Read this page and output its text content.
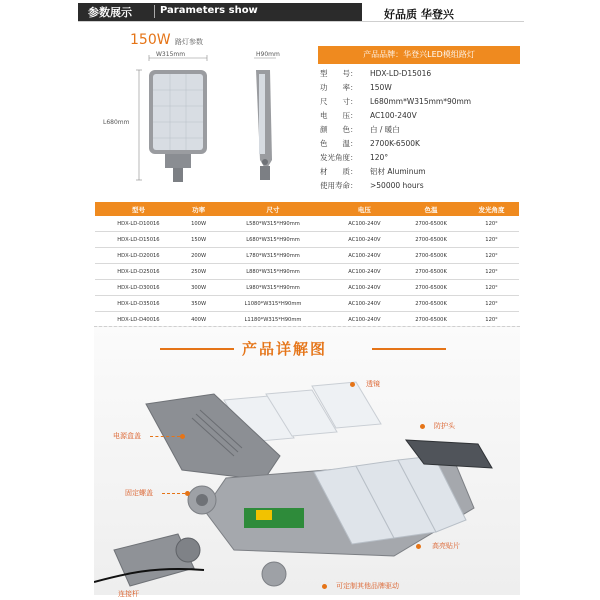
参数展示	Parameters show	好品质 华登兴
150W 路灯参数
W315mm
L680mm
H90mm	产品品牌：华登兴LED模组路灯
型　　号： HDX-LD-D15016
功　　率： 150W
尺　　寸： L680mm*W315mm*90mm
电　　压： AC100-240V
颜　　色： 白 / 暖白
色　　温： 2700K-6500K
发光角度： 120°
材　　质： 铝材 Aluminum
使用寿命： >50000 hours
型号	功率	尺寸	电压	色温	发光角度
HDX-LD-D10016	100W	L580*W315*H90mm	AC100-240V	2700-6500K	120°
HDX-LD-D15016	150W	L680*W315*H90mm	AC100-240V	2700-6500K	120°
HDX-LD-D20016	200W	L780*W315*H90mm	AC100-240V	2700-6500K	120°
HDX-LD-D25016	250W	L880*W315*H90mm	AC100-240V	2700-6500K	120°
HDX-LD-D30016	300W	L980*W315*H90mm	AC100-240V	2700-6500K	120°
HDX-LD-D35016	350W	L1080*W315*H90mm	AC100-240V	2700-6500K	120°
HDX-LD-D40016	400W	L1180*W315*H90mm	AC100-240V	2700-6500K	120°
产品详解图
透镜
电源盒盖
防护头
固定螺盖
高亮贴片
可定制其他品牌驱动
连接杆
